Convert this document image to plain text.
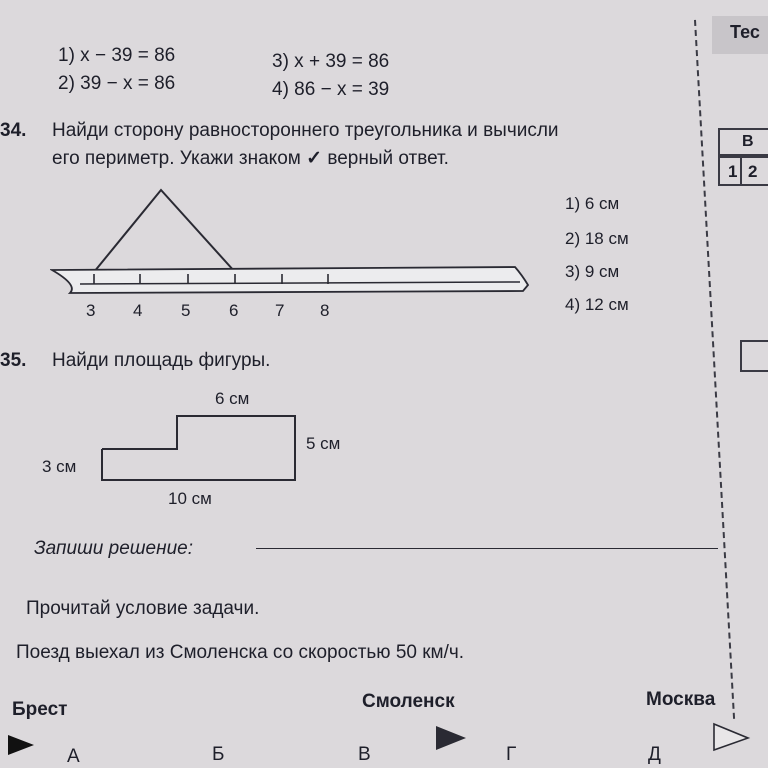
Тес
В
1 2
1) x − 39 = 86
2) 39 − x = 86
3) x + 39 = 86
4) 86 − x = 39
34. Найди сторону равностороннего треугольника и вычисли
его периметр. Укажи знаком ✓ верный ответ.
3 4 5 6 7 8
1) 6 см
2) 18 см
3) 9 см
4) 12 см
35. Найди площадь фигуры.
6 см
5 см
3 см
10 см
Запиши решение:
Прочитай условие задачи.
Поезд выехал из Смоленска со скоростью 50 км/ч.
Брест	Смоленск	Москва
А	Б	В	Г	Д
